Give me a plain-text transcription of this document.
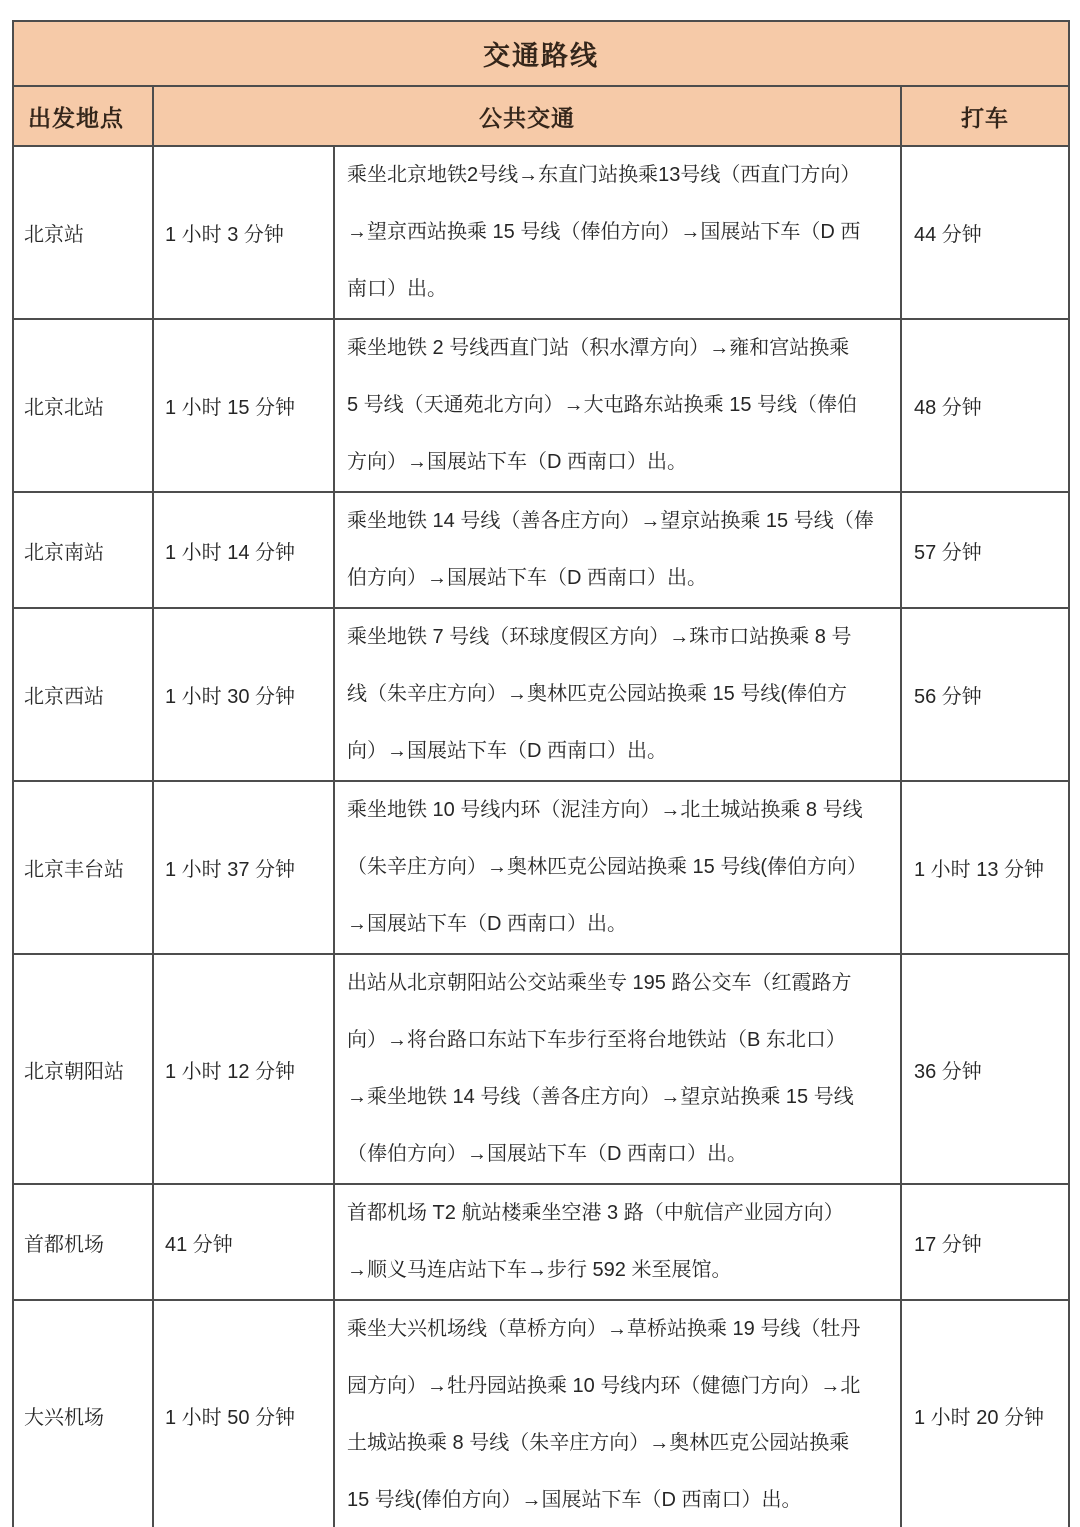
交通路线			
出发地点	公共交通		打车
北京站	1 小时 3 分钟	乘坐北京地铁2号线→东直门站换乘13号线（西直门方向）
→望京西站换乘 15 号线（俸伯方向）→国展站下车（D 西
南口）出。	44 分钟
北京北站	1 小时 15 分钟	乘坐地铁 2 号线西直门站（积水潭方向）→雍和宫站换乘
5 号线（天通苑北方向）→大屯路东站换乘 15 号线（俸伯
方向）→国展站下车（D 西南口）出。	48 分钟
北京南站	1 小时 14 分钟	乘坐地铁 14 号线（善各庄方向）→望京站换乘 15 号线（俸
伯方向）→国展站下车（D 西南口）出。	57 分钟
北京西站	1 小时 30 分钟	乘坐地铁 7 号线（环球度假区方向）→珠市口站换乘 8 号
线（朱辛庄方向）→奥林匹克公园站换乘 15 号线(俸伯方
向）→国展站下车（D 西南口）出。	56 分钟
北京丰台站	1 小时 37 分钟	乘坐地铁 10 号线内环（泥洼方向）→北土城站换乘 8 号线
（朱辛庄方向）→奥林匹克公园站换乘 15 号线(俸伯方向）
→国展站下车（D 西南口）出。	1 小时 13 分钟
北京朝阳站	1 小时 12 分钟	出站从北京朝阳站公交站乘坐专 195 路公交车（红霞路方
向）→将台路口东站下车步行至将台地铁站（B 东北口）
→乘坐地铁 14 号线（善各庄方向）→望京站换乘 15 号线
（俸伯方向）→国展站下车（D 西南口）出。	36 分钟
首都机场	41 分钟	首都机场 T2 航站楼乘坐空港 3 路（中航信产业园方向）
→顺义马连店站下车→步行 592 米至展馆。	17 分钟
大兴机场	1 小时 50 分钟	乘坐大兴机场线（草桥方向）→草桥站换乘 19 号线（牡丹
园方向）→牡丹园站换乘 10 号线内环（健德门方向）→北
土城站换乘 8 号线（朱辛庄方向）→奥林匹克公园站换乘
15 号线(俸伯方向）→国展站下车（D 西南口）出。	1 小时 20 分钟
